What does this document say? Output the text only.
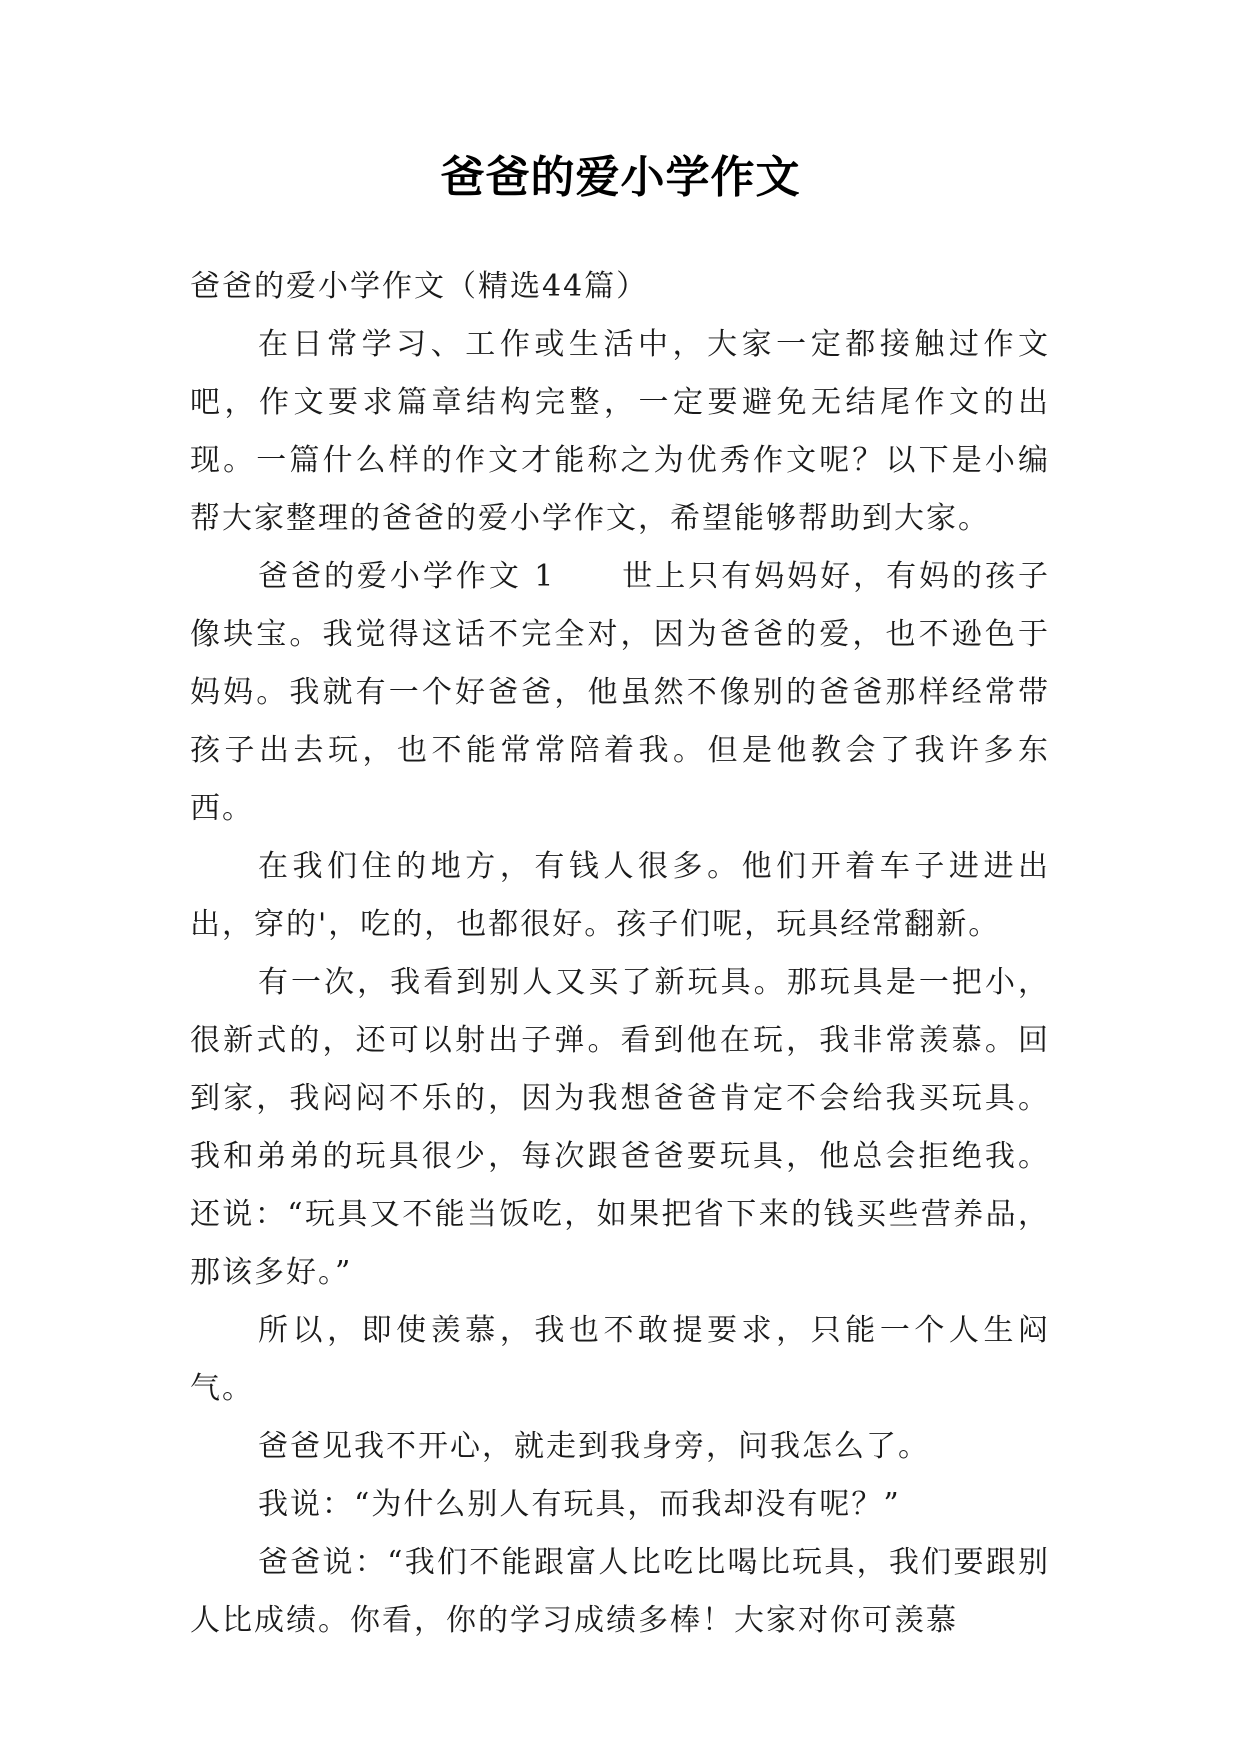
爸爸的爱小学作文

爸爸的爱小学作文（精选44篇）

在日常学习、工作或生活中，大家一定都接触过作文吧，作文要求篇章结构完整，一定要避免无结尾作文的出现。一篇什么样的作文才能称之为优秀作文呢？以下是小编帮大家整理的爸爸的爱小学作文，希望能够帮助到大家。

爸爸的爱小学作文 1　　世上只有妈妈好，有妈的孩子像块宝。我觉得这话不完全对，因为爸爸的爱，也不逊色于妈妈。我就有一个好爸爸，他虽然不像别的爸爸那样经常带孩子出去玩，也不能常常陪着我。但是他教会了我许多东西。

在我们住的地方，有钱人很多。他们开着车子进进出出，穿的'，吃的，也都很好。孩子们呢，玩具经常翻新。

有一次，我看到别人又买了新玩具。那玩具是一把小，很新式的，还可以射出子弹。看到他在玩，我非常羡慕。回到家，我闷闷不乐的，因为我想爸爸肯定不会给我买玩具。我和弟弟的玩具很少，每次跟爸爸要玩具，他总会拒绝我。还说：“玩具又不能当饭吃，如果把省下来的钱买些营养品，那该多好。”

所以，即使羡慕，我也不敢提要求，只能一个人生闷气。

爸爸见我不开心，就走到我身旁，问我怎么了。

我说：“为什么别人有玩具，而我却没有呢？”

爸爸说：“我们不能跟富人比吃比喝比玩具，我们要跟别人比成绩。你看，你的学习成绩多棒！大家对你可羡慕
